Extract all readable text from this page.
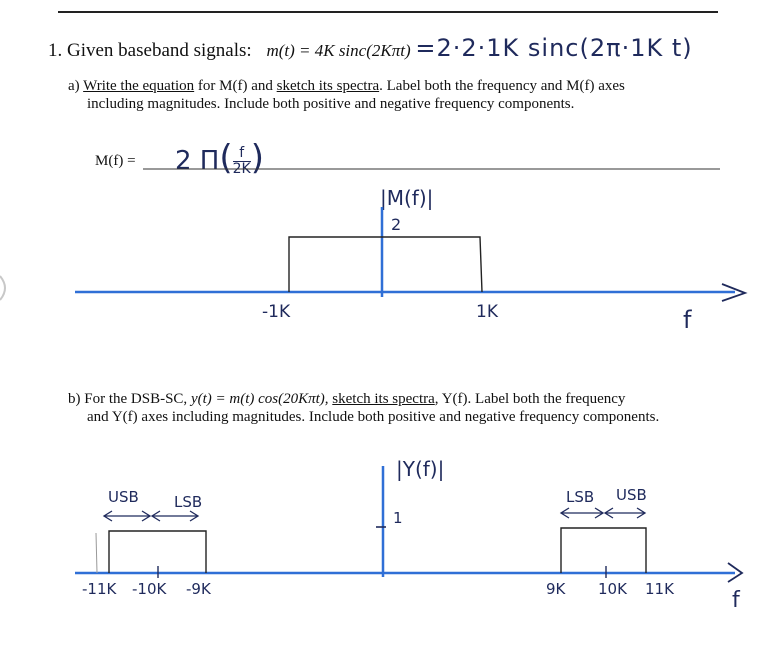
1. Given baseband signals: m(t) = 4K sinc(2Kπt) =2·2·1K sinc(2π·1K t)
a) Write the equation for M(f) and sketch its spectra. Label both the frequency and M(f) axes
including magnitudes. Include both positive and negative frequency components.
M(f) = 2 $\Pi( \frac{f}{2K}$ )
|M(f)|
2
-1K	1K	f
b) For the DSB-SC, y(t) = m(t) cos(20Kπt), sketch its spectra, Y(f). Label both the frequency
and Y(f) axes including magnitudes. Include both positive and negative frequency components.
|Y(f)|
1
USB LSB	LSB USB
-11K -10K -9K	9K 10K 11K	f
